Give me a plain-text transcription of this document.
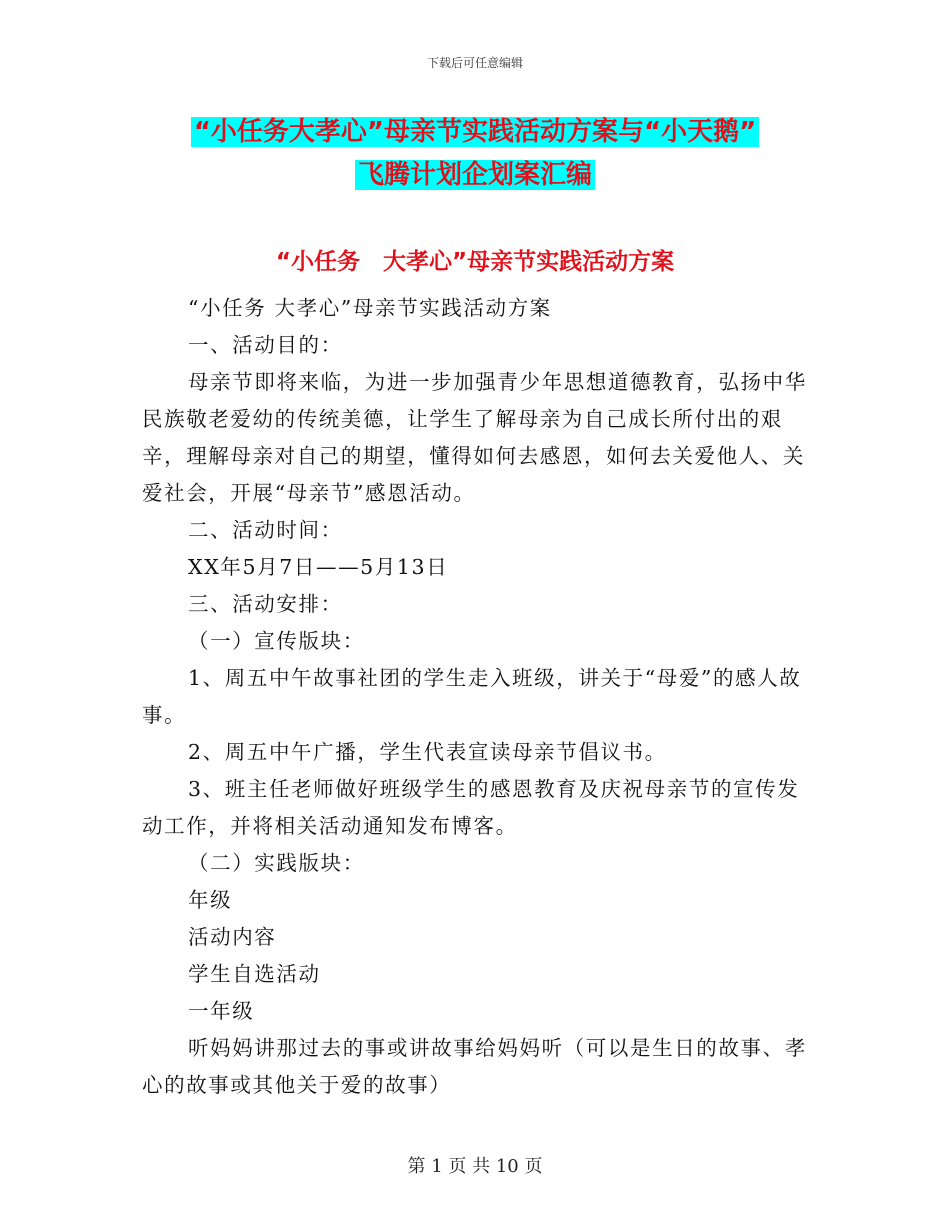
下载后可任意编辑
“小任务大孝心”母亲节实践活动方案与“小天鹅”
飞腾计划企划案汇编
“小任务　大孝心”母亲节实践活动方案

“小任务 大孝心”母亲节实践活动方案

一、活动目的：

母亲节即将来临，为进一步加强青少年思想道德教育，弘扬中华民族敬老爱幼的传统美德，让学生了解母亲为自己成长所付出的艰辛，理解母亲对自己的期望，懂得如何去感恩，如何去关爱他人、关爱社会，开展“母亲节”感恩活动。

二、活动时间：

XX年5月7日——5月13日

三、活动安排：

（一）宣传版块：

1、周五中午故事社团的学生走入班级，讲关于“母爱”的感人故事。

2、周五中午广播，学生代表宣读母亲节倡议书。

3、班主任老师做好班级学生的感恩教育及庆祝母亲节的宣传发动工作，并将相关活动通知发布博客。

（二）实践版块：

年级

活动内容

学生自选活动

一年级

听妈妈讲那过去的事或讲故事给妈妈听（可以是生日的故事、孝心的故事或其他关于爱的故事）

第 1 页 共 10 页
